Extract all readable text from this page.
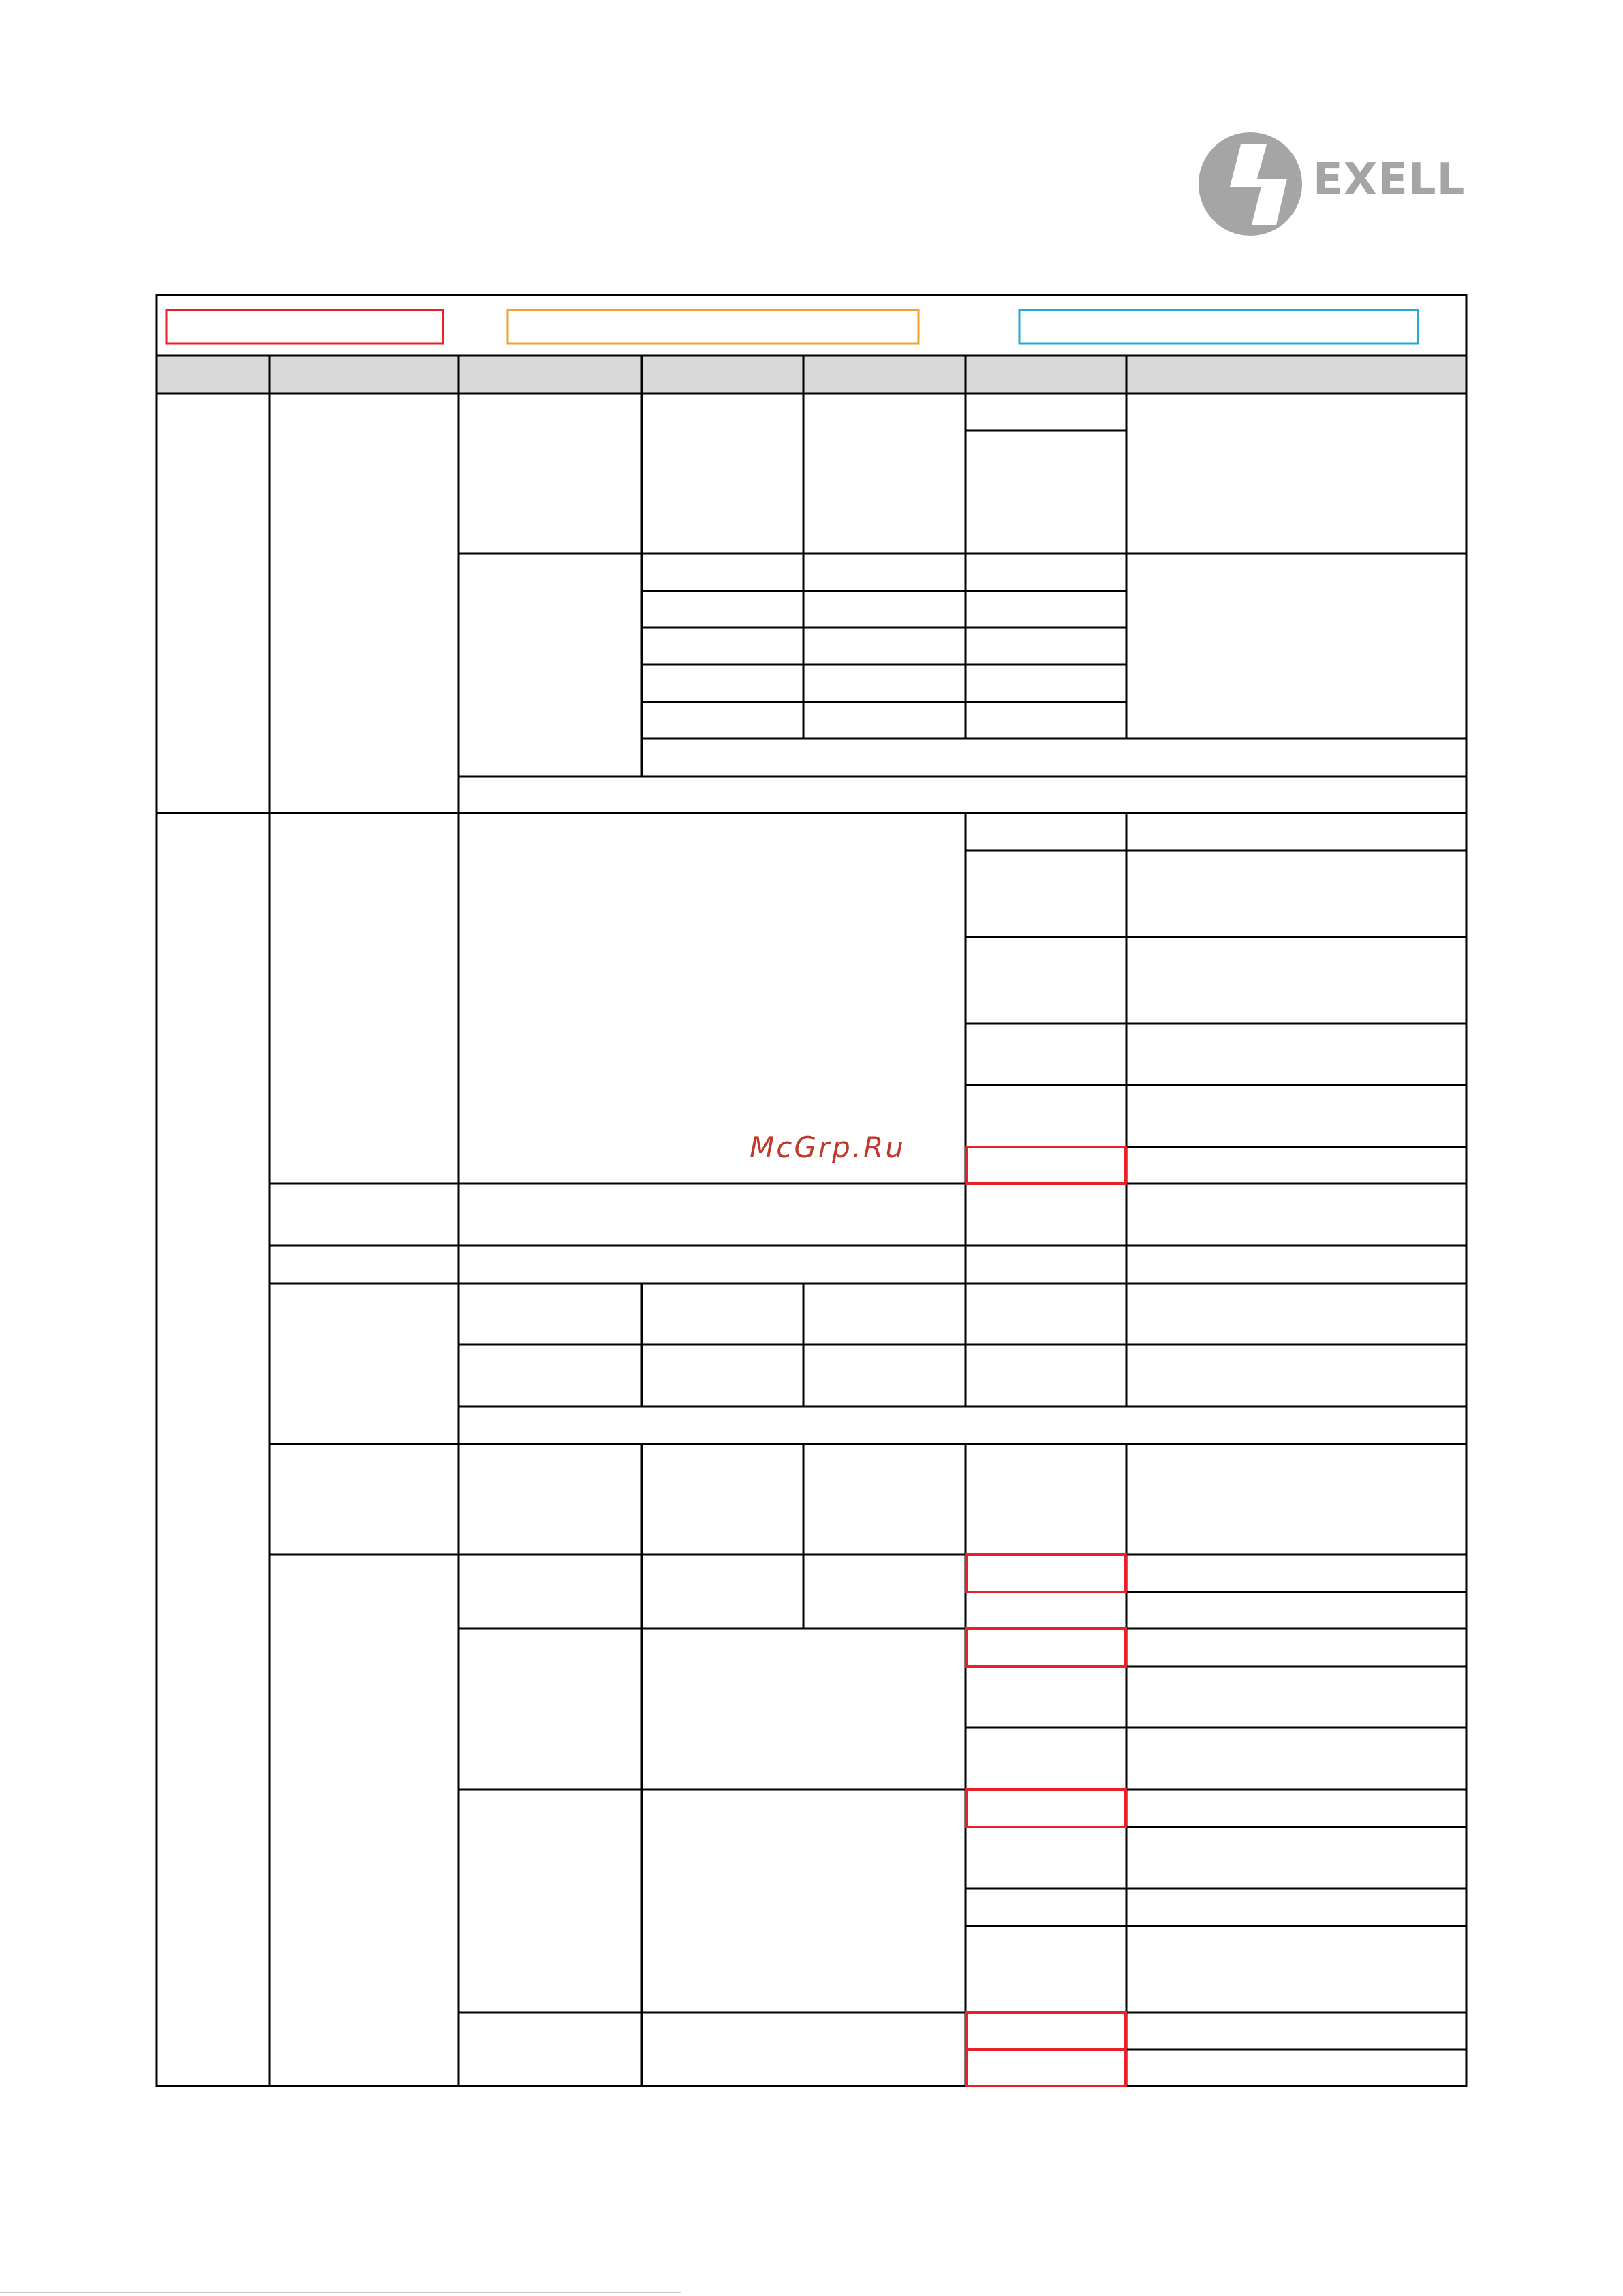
EXELL
McGrp.Ru
